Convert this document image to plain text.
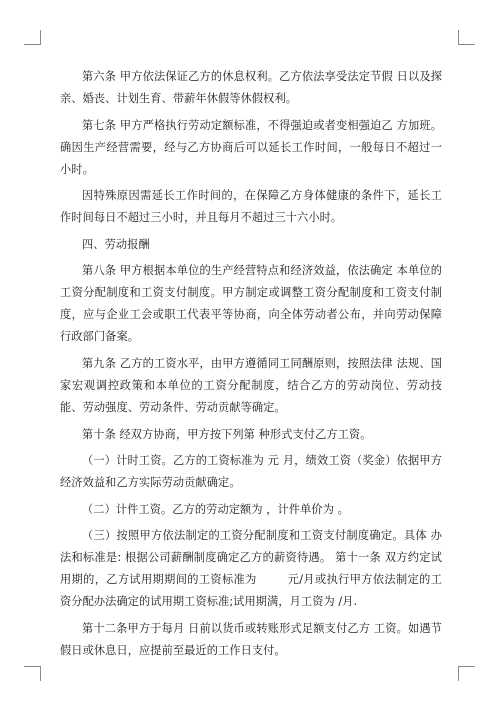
第六条 甲方依法保证乙方的休息权利。乙方依法享受法定节假 日以及探亲、婚丧、计划生育、带薪年休假等休假权利。

第七条 甲方严格执行劳动定额标准，不得强迫或者变相强迫乙 方加班。确因生产经营需要，经与乙方协商后可以延长工作时间，一般每日不超过一小时。

因特殊原因需延长工作时间的，在保障乙方身体健康的条件下，延长工作时间每日不超过三小时，并且每月不超过三十六小时。

四、劳动报酬

第八条 甲方根据本单位的生产经营特点和经济效益，依法确定 本单位的工资分配制度和工资支付制度。甲方制定或调整工资分配制度和工资支付制度，应与企业工会或职工代表平等协商，向全体劳动者公布，并向劳动保障行政部门备案。

第九条 乙方的工资水平，由甲方遵循同工同酬原则，按照法律 法规、国家宏观调控政策和本单位的工资分配制度，结合乙方的劳动岗位、劳动技能、劳动强度、劳动条件、劳动贡献等确定。

第十条 经双方协商，甲方按下列第 种形式支付乙方工资。

（一）计时工资。乙方的工资标准为 元 月，绩效工资（奖金）依据甲方经济效益和乙方实际劳动贡献确定。

（二）计件工资。乙方的劳动定额为 ，计件单价为 。

（三）按照甲方依法制定的工资分配制度和工资支付制度确定。具体 办法和标准是: 根据公司薪酬制度确定乙方的薪资待遇。 第十一条 双方约定试用期的，乙方试用期期间的工资标准为 　　 元/月或执行甲方依法制定的工资分配办法确定的试用期工资标准;试用期满，月工资为 /月.

第十二条甲方于每月 日前以货币或转账形式足额支付乙方 工资。如遇节假日或休息日，应提前至最近的工作日支付。
